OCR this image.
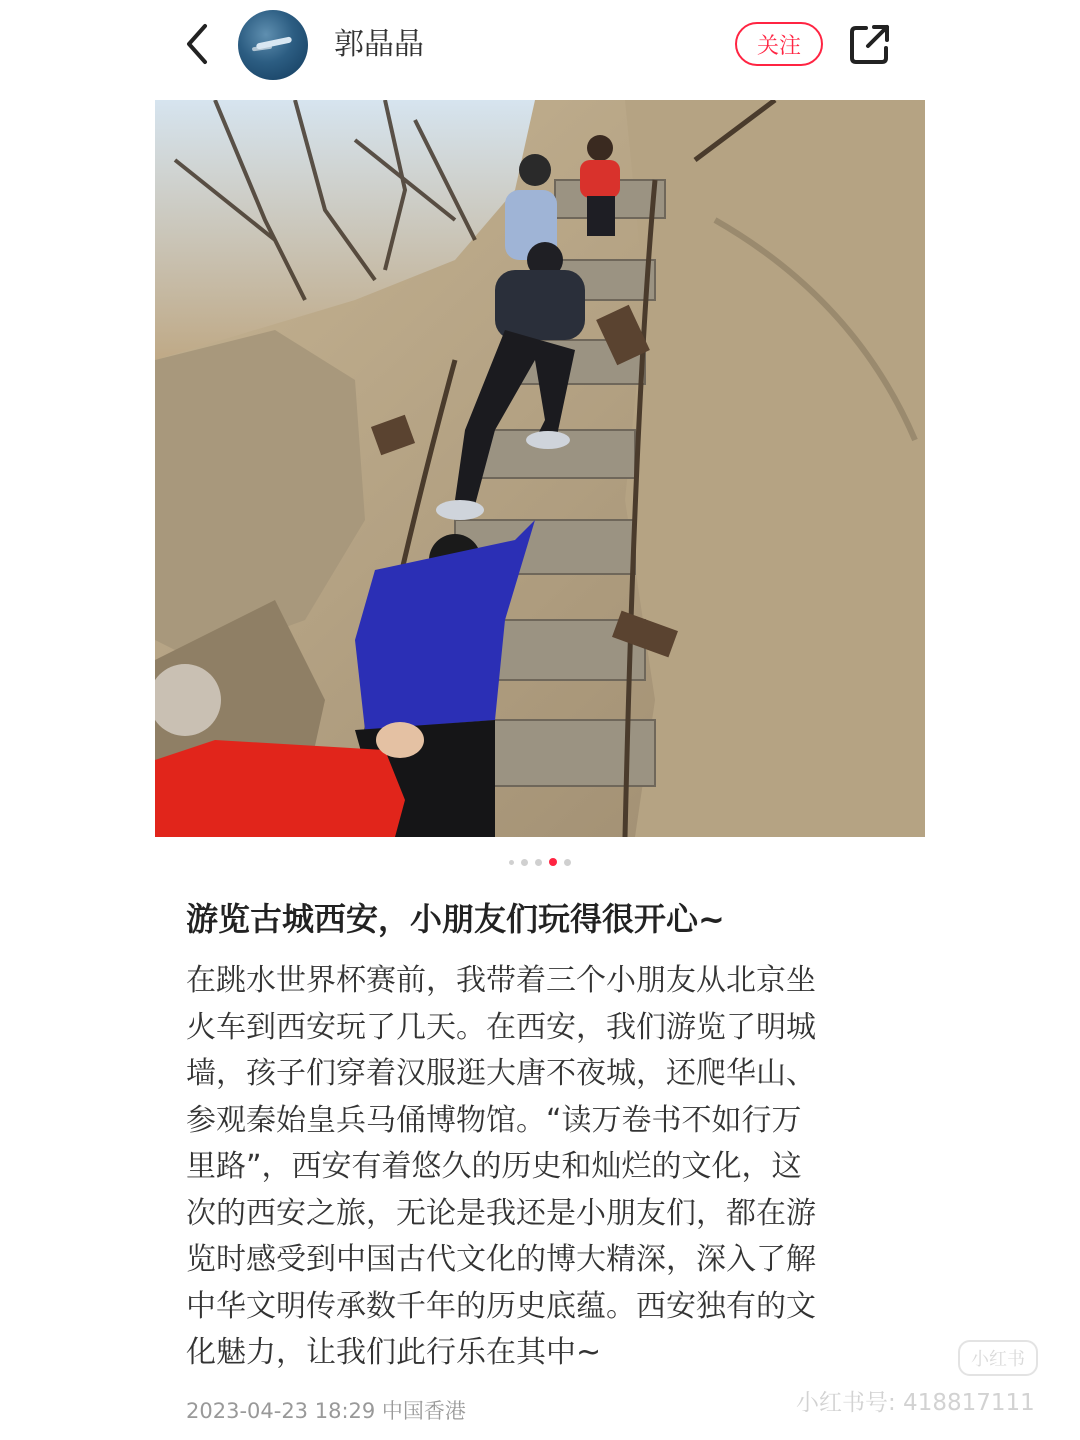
郭晶晶	关注
游览古城西安，小朋友们玩得很开心~
在跳水世界杯赛前，我带着三个小朋友从北京坐
火车到西安玩了几天。在西安，我们游览了明城
墙，孩子们穿着汉服逛大唐不夜城，还爬华山、
参观秦始皇兵马俑博物馆。“读万卷书不如行万
里路”，西安有着悠久的历史和灿烂的文化，这
次的西安之旅，无论是我还是小朋友们，都在游
览时感受到中国古代文化的博大精深，深入了解
中华文明传承数千年的历史底蕴。西安独有的文
化魅力，让我们此行乐在其中~
2023-04-23 18:29 中国香港
小红书
小红书号: 418817111
